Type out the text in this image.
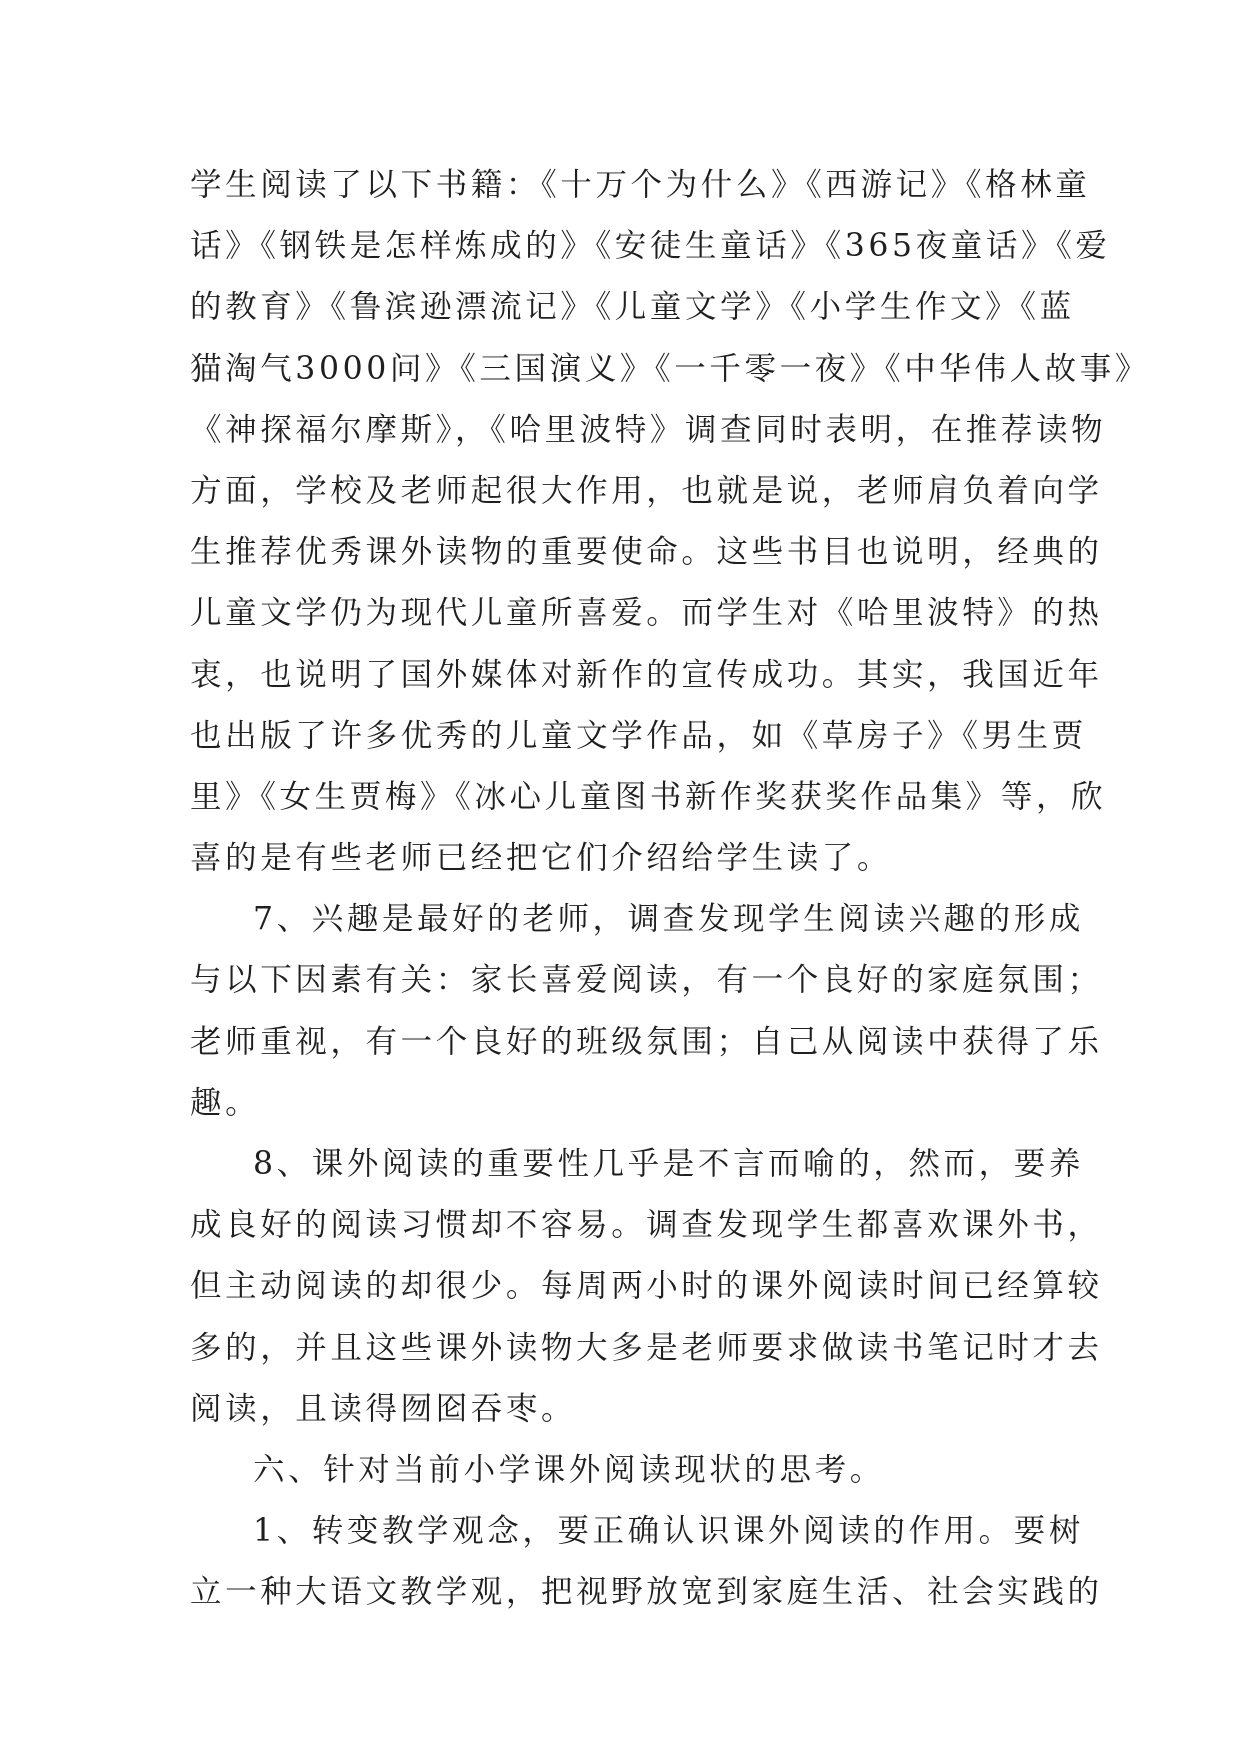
学生阅读了以下书籍：《十万个为什么》《西游记》《格林童
话》《钢铁是怎样炼成的》《安徒生童话》《365夜童话》《爱
的教育》《鲁滨逊漂流记》《儿童文学》《小学生作文》《蓝
猫淘气3000问》《三国演义》《一千零一夜》《中华伟人故事》
《神探福尔摩斯》，《哈里波特》调查同时表明，在推荐读物
方面，学校及老师起很大作用，也就是说，老师肩负着向学
生推荐优秀课外读物的重要使命。这些书目也说明，经典的
儿童文学仍为现代儿童所喜爱。而学生对《哈里波特》的热
衷，也说明了国外媒体对新作的宣传成功。其实，我国近年
也出版了许多优秀的儿童文学作品，如《草房子》《男生贾
里》《女生贾梅》《冰心儿童图书新作奖获奖作品集》等，欣
喜的是有些老师已经把它们介绍给学生读了。
7、兴趣是最好的老师，调查发现学生阅读兴趣的形成
与以下因素有关：家长喜爱阅读，有一个良好的家庭氛围；
老师重视，有一个良好的班级氛围；自己从阅读中获得了乐
趣。
8、课外阅读的重要性几乎是不言而喻的，然而，要养
成良好的阅读习惯却不容易。调查发现学生都喜欢课外书，
但主动阅读的却很少。每周两小时的课外阅读时间已经算较
多的，并且这些课外读物大多是老师要求做读书笔记时才去
阅读，且读得囫囵吞枣。
六、针对当前小学课外阅读现状的思考。
1、转变教学观念，要正确认识课外阅读的作用。要树
立一种大语文教学观，把视野放宽到家庭生活、社会实践的
